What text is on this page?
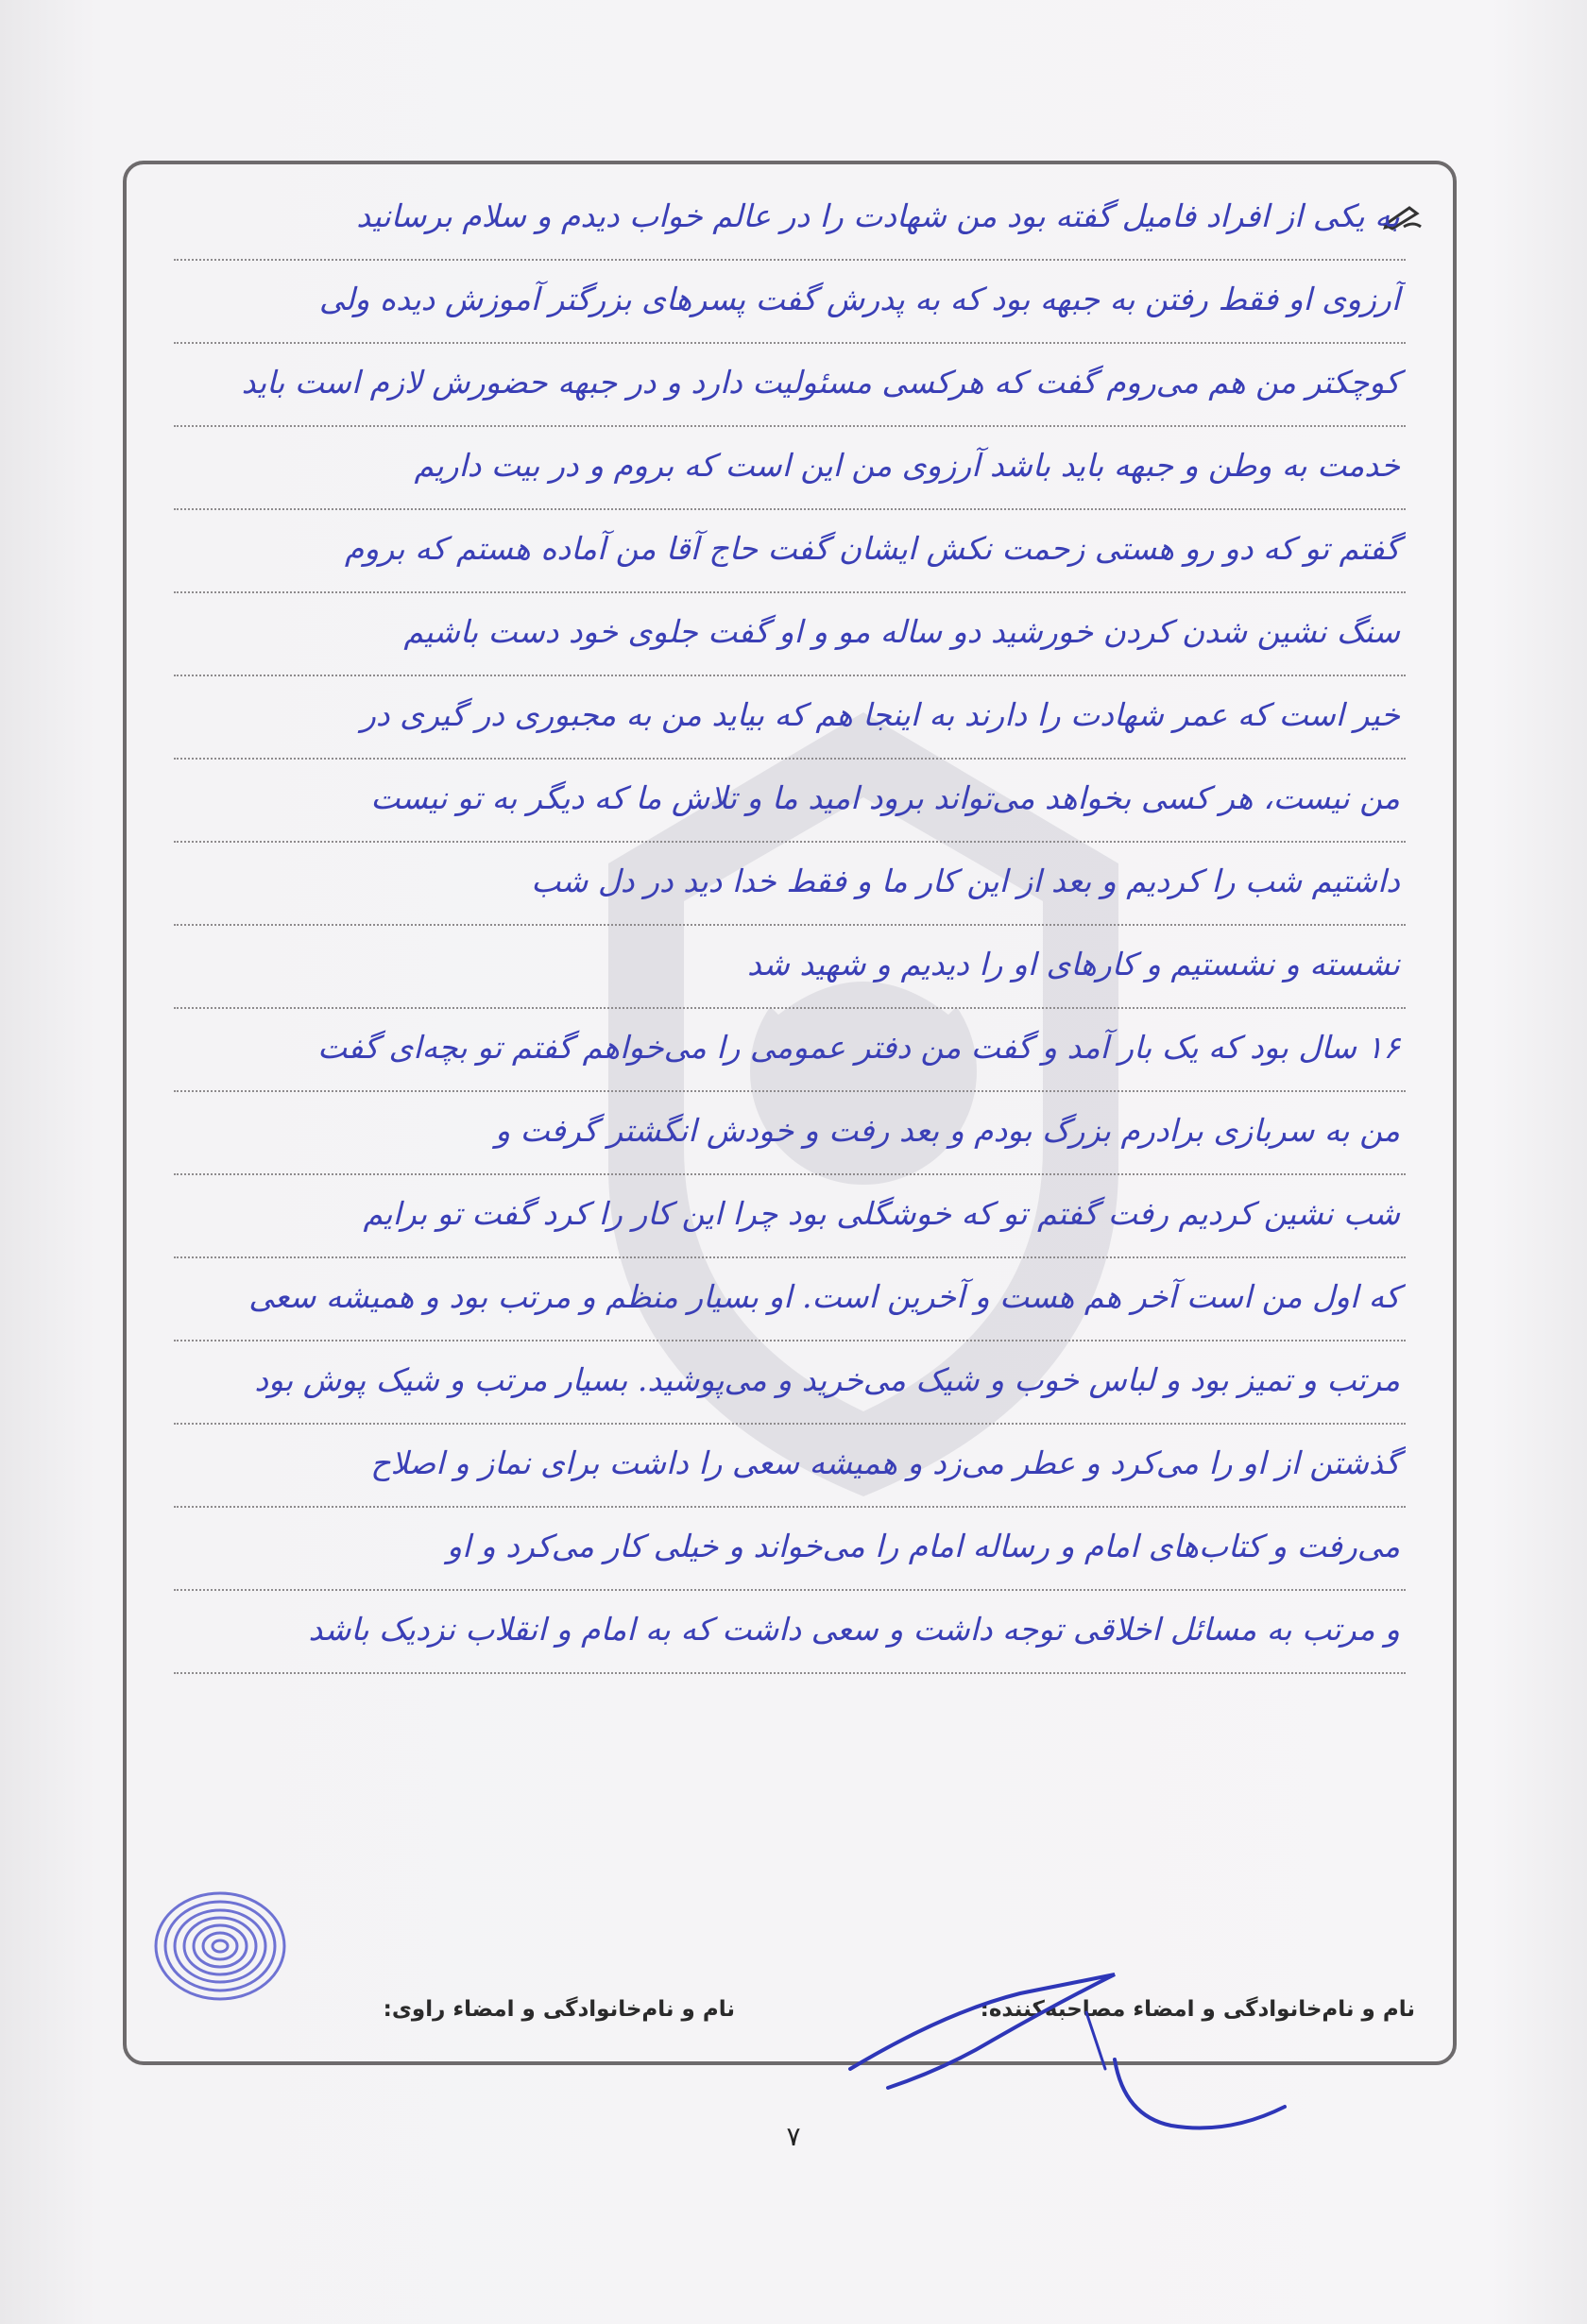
به یکی از افراد فامیل گفته بود من شهادت را در عالم خواب دیدم و سلام برسانید
آرزوی او فقط رفتن به جبهه بود که به پدرش گفت پسرهای بزرگتر آموزش دیده ولی
کوچکتر من هم می‌روم گفت که هرکسی مسئولیت دارد و در جبهه حضورش لازم است باید
خدمت به وطن و جبهه باید باشد آرزوی من این است که بروم و در بیت داریم
گفتم تو که دو رو هستی زحمت نکش ایشان گفت حاج آقا من آماده هستم که بروم
سنگ نشین شدن کردن خورشید دو ساله مو و او گفت جلوی خود دست باشیم
خیر است که عمر شهادت را دارند به اینجا هم که بیاید من به مجبوری در گیری در
من نیست، هر کسی بخواهد می‌تواند برود امید ما و تلاش ما که دیگر به تو نیست
داشتیم شب را کردیم و بعد از این کار ما و فقط خدا دید در دل شب
نشسته و نشستیم و کارهای او را دیدیم و شهید شد
۱۶ سال بود که یک بار آمد و گفت من دفتر عمومی را می‌خواهم گفتم تو بچه‌ای گفت
من به سربازی برادرم بزرگ بودم و بعد رفت و خودش انگشتر گرفت و
شب نشین کردیم رفت گفتم تو که خوشگلی بود چرا این کار را کرد گفت تو برایم
که اول من است آخر هم هست و آخرین است. او بسیار منظم و مرتب بود و همیشه سعی
مرتب و تمیز بود و لباس خوب و شیک می‌خرید و می‌پوشید. بسیار مرتب و شیک پوش بود
گذشتن از او را می‌کرد و عطر می‌زد و همیشه سعی را داشت برای نماز و اصلاح
می‌رفت و کتاب‌های امام و رساله امام را می‌خواند و خیلی کار می‌کرد و او
و مرتب به مسائل اخلاقی توجه داشت و سعی داشت که به امام و انقلاب نزدیک باشد
نام و نام‌خانوادگی و امضاء مصاحبه‌کننده:
نام و نام‌خانوادگی و امضاء راوی:
۷
